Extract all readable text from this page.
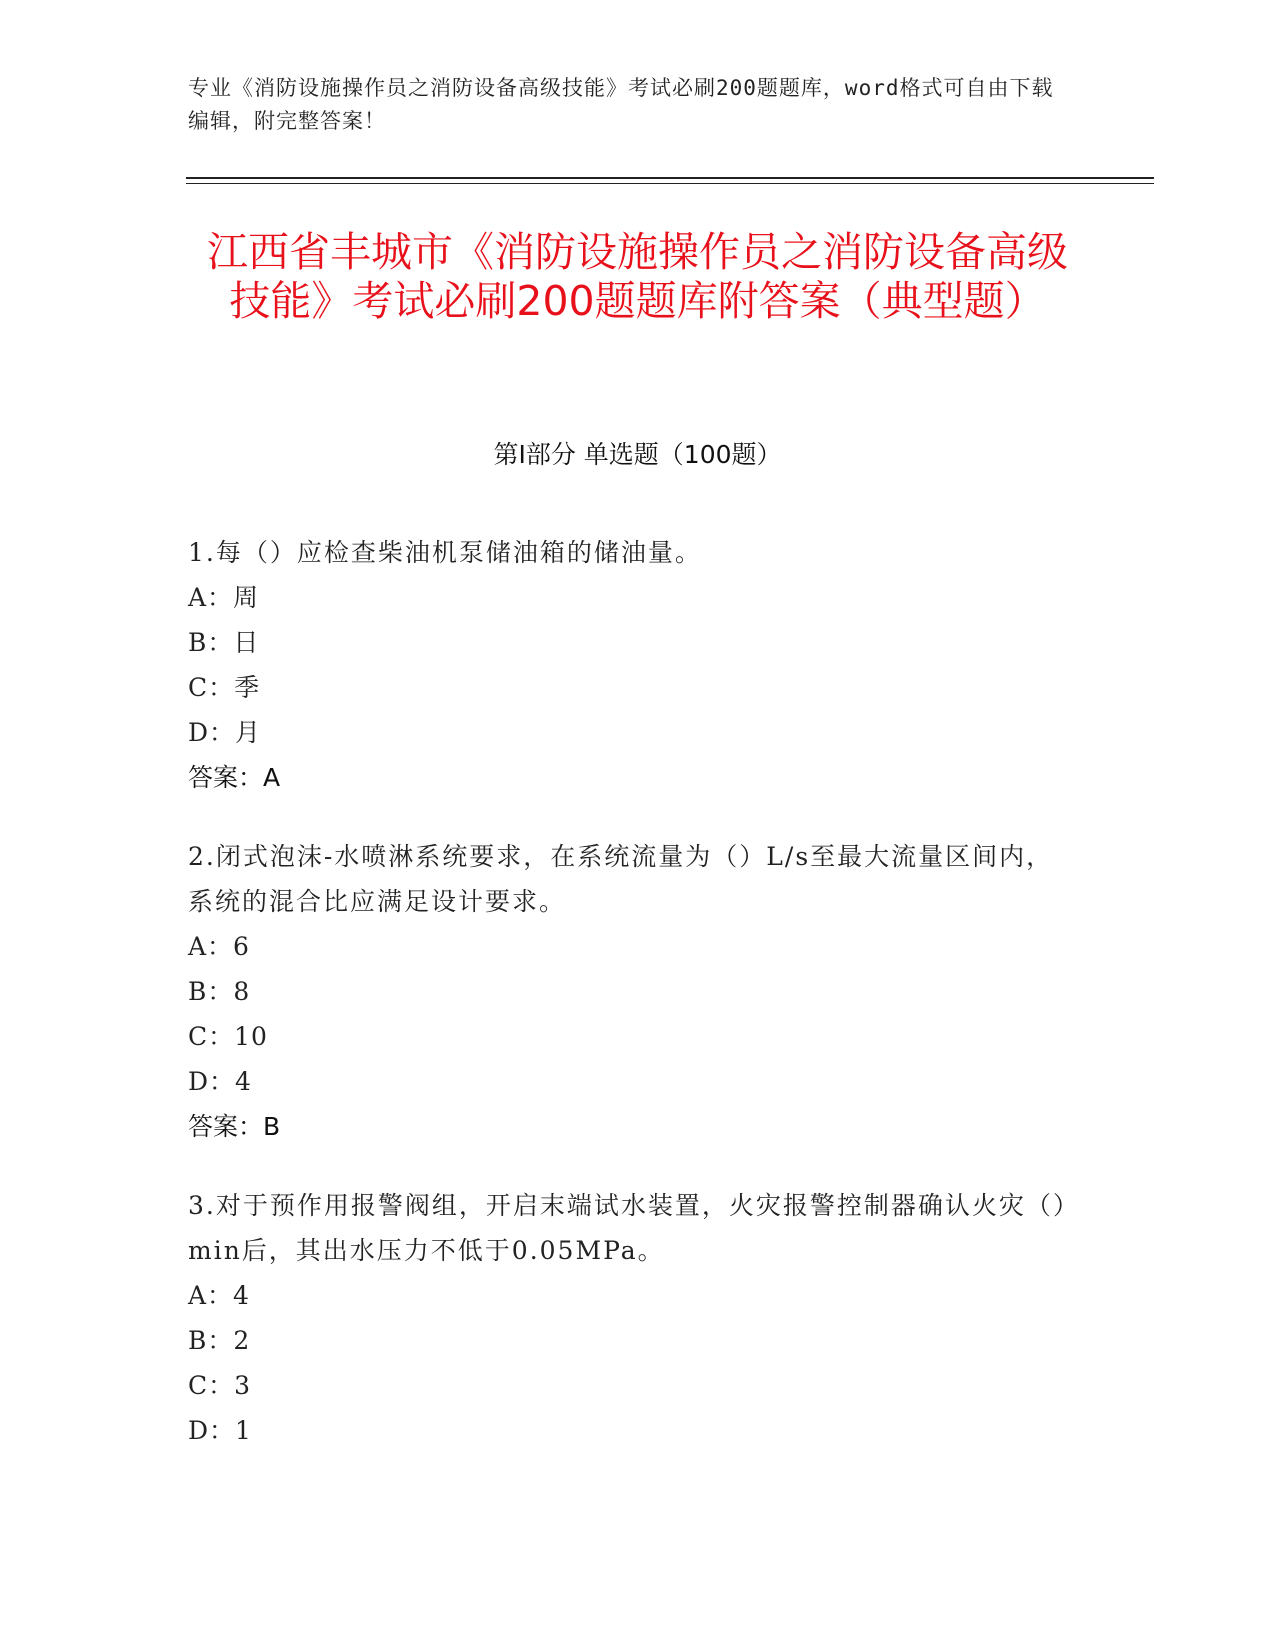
专业《消防设施操作员之消防设备高级技能》考试必刷200题题库，word格式可自由下载编辑，附完整答案！
江西省丰城市《消防设施操作员之消防设备高级技能》考试必刷200题题库附答案（典型题）
第Ⅰ部分 单选题（100题）
1.每（）应检查柴油机泵储油箱的储油量。
A：周
B：日
C：季
D：月
答案：A
2.闭式泡沫-水喷淋系统要求，在系统流量为（）L/s至最大流量区间内，系统的混合比应满足设计要求。
A：6
B：8
C：10
D：4
答案：B
3.对于预作用报警阀组，开启末端试水装置，火灾报警控制器确认火灾（）min后，其出水压力不低于0.05MPa。
A：4
B：2
C：3
D：1
